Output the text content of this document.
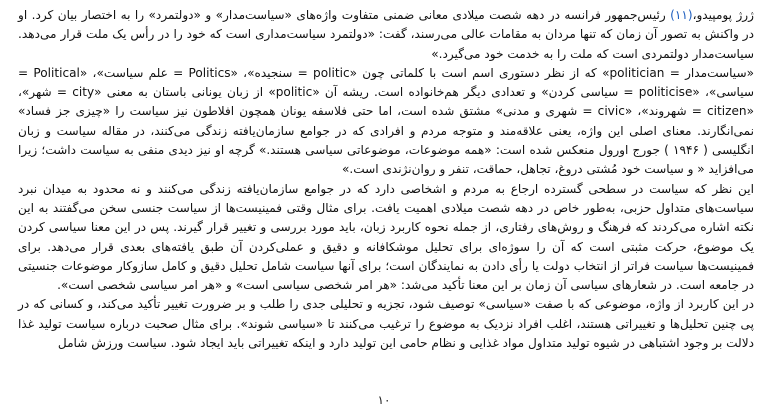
ژرژ پومپیدو،(۱۱) رئیس‌جمهور فرانسه در دهه شصت میلادی معانی ضمنی متفاوت واژه‌های «سیاست‌مدار» و «دولتمرد» را به اختصار بیان کرد. او در واکنش به تصور آن زمان که تنها مردان به مقامات عالی می‌رسند، گفت: «دولتمرد سیاست‌مداری است که خود را در رأس یک ملت قرار می‌دهد. سیاست‌مدار دولتمردی است که ملت را به خدمت خود می‌گیرد.»

«سیاست‌مدار = politician» که از نظر دستوری اسم است با کلماتی چون «politic = سنجیده»، «Politics = علم سیاست»، «Political = سیاسی»، «politicise = سیاسی کردن» و تعدادی دیگر هم‌خانواده است. ریشه آن «politic» از زبان یونانی باستان به معنی «city = شهر»، «citizen = شهروند»، «civic = شهری و مدنی» مشتق شده است، اما حتی فلاسفه یونان همچون افلاطون نیز سیاست را «چیزی جز فساد» نمی‌انگارند. معنای اصلی این واژه، یعنی علاقه‌مند و متوجه مردم و افرادی که در جوامع سازمان‌یافته زندگی می‌کنند، در مقاله سیاست و زبان انگلیسی ( ۱۹۴۶ ) جورج اورول منعکس شده است: «همه موضوعات، موضوعاتی سیاسی هستند.» گرچه او نیز دیدی منفی به سیاست داشت؛ زیرا می‌افزاید « و سیاست خود مُشتی دروغ، تجاهل، حماقت، تنفر و روان‌نژندی است.»

این نظر که سیاست در سطحی گسترده ارجاع به مردم و اشخاصی دارد که در جوامع سازمان‌یافته زندگی می‌کنند و نه محدود به میدان نبرد سیاست‌های متداول حزبی، به‌طور خاص در دهه شصت میلادی اهمیت یافت. برای مثال وقتی فمینیست‌ها از سیاست جنسی سخن می‌گفتند به این نکته اشاره می‌کردند که فرهنگ و روش‌های رفتاری، از جمله نحوه کاربرد زبان، باید مورد بررسی و تغییر قرار گیرند. پس در این معنا سیاسی کردن یک موضوع، حرکت مثبتی است که آن را سوژه‌ای برای تحلیل موشکافانه و دقیق و عملی‌کردن آن طبق یافته‌های بعدی قرار می‌دهد. برای فمینیست‌ها سیاست فراتر از انتخاب دولت یا رأی دادن به نمایندگان است؛ برای آنها سیاست شامل تحلیل دقیق و کامل سازوکار موضوعات جنسیتی در جامعه است. در شعارهای سیاسی آن زمان بر این معنا تأکید می‌شد: «هر امر شخصی سیاسی است» و «هر امر سیاسی شخصی است».

در این کاربرد از واژه، موضوعی که با صفت «سیاسی» توصیف شود، تجزیه و تحلیلی جدی را طلب و بر ضرورت تغییر تأکید می‌کند، و کسانی که در پی چنین تحلیل‌ها و تغییراتی هستند، اغلب افراد نزدیک به موضوع را ترغیب می‌کنند تا «سیاسی شوند». برای مثال صحبت درباره سیاست تولید غذا دلالت بر وجود اشتباهی در شیوه تولید متداول مواد غذایی و نظام حامی این تولید دارد و اینکه تغییراتی باید ایجاد شود. سیاست ورزش شامل

۱۰
